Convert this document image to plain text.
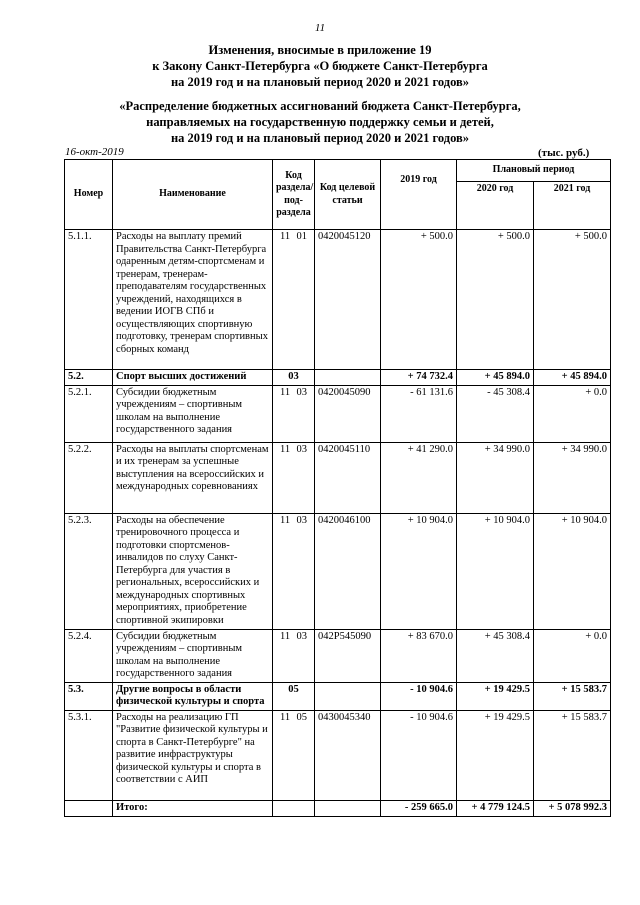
11
Изменения, вносимые в приложение 19
к Закону Санкт-Петербурга «О бюджете Санкт-Петербурга
на 2019 год и на плановый период 2020 и 2021 годов»
«Распределение бюджетных ассигнований бюджета Санкт-Петербурга,
направляемых на государственную поддержку семьи и детей,
на 2019 год и на плановый период 2020 и 2021 годов»
16-окт-2019	(тыс. руб.)
Номер	Наименование	Код раздела/ под-раздела	Код целевой статьи	2019 год	Плановый период	
					2020 год	2021 год
5.1.1.	Расходы на выплату премий Правительства Санкт-Петербурга одаренным детям-спортсменам и тренерам, тренерам-преподавателям государственных учреждений, находящихся в ведении ИОГВ СПб и осуществляющих спортивную подготовку, тренерам спортивных сборных команд	11 01	0420045120	+ 500.0	+ 500.0	+ 500.0
5.2.	Спорт высших достижений	03		+ 74 732.4	+ 45 894.0	+ 45 894.0
5.2.1.	Субсидии бюджетным учреждениям – спортивным школам на выполнение государственного задания	11 03	0420045090	- 61 131.6	- 45 308.4	+ 0.0
5.2.2.	Расходы на выплаты спортсменам и их тренерам за успешные выступления на всероссийских и международных соревнованиях	11 03	0420045110	+ 41 290.0	+ 34 990.0	+ 34 990.0
5.2.3.	Расходы на обеспечение тренировочного процесса и подготовки спортсменов-инвалидов по слуху Санкт-Петербурга для участия в региональных, всероссийских и международных спортивных мероприятиях, приобретение спортивной экипировки	11 03	0420046100	+ 10 904.0	+ 10 904.0	+ 10 904.0
5.2.4.	Субсидии бюджетным учреждениям – спортивным школам на выполнение государственного задания	11 03	042P545090	+ 83 670.0	+ 45 308.4	+ 0.0
5.3.	Другие вопросы в области физической культуры и спорта	05		- 10 904.6	+ 19 429.5	+ 15 583.7
5.3.1.	Расходы на реализацию ГП "Развитие физической культуры и спорта в Санкт-Петербурге" на развитие инфраструктуры физической культуры и спорта в соответствии с АИП	11 05	0430045340	- 10 904.6	+ 19 429.5	+ 15 583.7
	Итого:			- 259 665.0	+ 4 779 124.5	+ 5 078 992.3
